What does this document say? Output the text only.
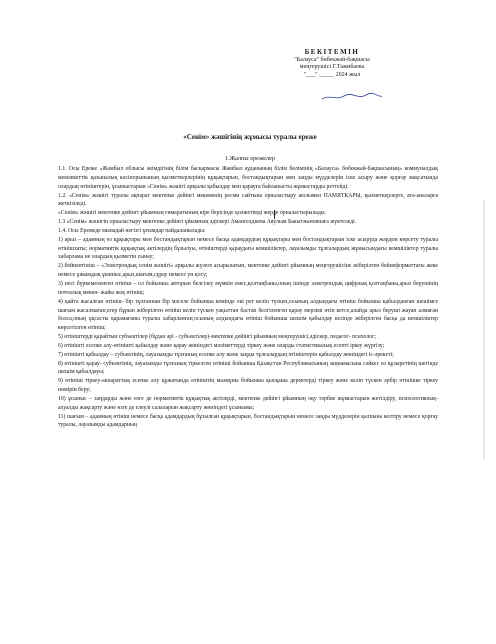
БЕКІТЕМІН
"Балауса" бөбекжай-бақшасы
меңгерушісі Г.Тажибаева
"___" _____ 2024 жыл
«Сенім» жәшігінің жұмысы туралы ереже
1.Жалпы ережелер
1.1. Осы Ереже «Жамбыл облысы әкімдігінің білім басқармасы Жамбыл ауданының білім бөлімінің «Балауса» бөбекжай-бақшасының» коммуналдық мемлекеттік қазыналық кәсіпорынының қызметкерлерінің құқықтарын, бостандықтарын мен заңды мүдделерін іске асыру және қорғау мақсатында олардың өтініштерін, ұсыныстарын «Сенім» жәшігі арқылы қабылдау мен қарауға байланысты жұмыстарды реттейді.
1.2. «Сенім» жәшігі туралы ақпарат мектепке дейінгі мекеменің ресми сайтына орналастыру жолымен ПАМЯТКАРЫ, қызметкерлерге, ата-аналарға жеткізіледі.
«Сенім» жәшігі мектепке дейінгі ұйымның ғимаратының кіре берісінде қолжетімді жерде орналастырылады.
1.3 «Сенім» жәшігін орналастыру мектепке дейінгі ұйымның әдіскері Амангелдиева Аяулым Бакытжановнаға жүктеледі.
1.4. Осы Ережеде мынадай негізгі ұғымдар пайдаланылады:
1) арыз – адамның өз құқықтары мен бостандықтарын немесе басқа адамдардың құқықтары мен бостандықтарын іске асыруда жәрдем көрсету туралы өтінішхаты; нормативтік құқықтық актілердің бұзылуы, өтініштерді қараудағы кемшіліктер, лауазымды тұлғалардың жұмысындағы кемшіліктер туралы хабарлама не олардың қызметін сынау;
2) бейнеөтініш – «Электрондық сенім жәшігі» арқылы жүзеге асырылатын, мектепке дейінгі ұйымның меңгерушісіне жіберілген бейнеформаттағы жеке немесе ұжымдық ұынныс,арыз,шағым,сұрау немесе ун қосу;
3) несі бүркемеленген өтініш – ол бойынша авторын белгілеу мүмкін емес,қолтаңбаны,оның ішінде электрондық цифрлық қолтаңбаны,арыз берушінің почталық мекен- жайы жоқ өтініш;
4) қайта жасалған өтініш- бір тұлғаннан бір мәселе бойынша кемінде екі рет келіп түскен,осының алдындағы өтініш бойынша қабылданған шешімге шағым жасалмаған,егер бұрын жіберілген өтініш келіп түскен уақыттан бастап белгіленген қарау мерзімі өтіп кетсе,алайда арыз беруші жауап алмаған болса,оның ұқсасты қарамағаны туралы хабарланған,осының алдындағы өтініш бойынша шешім қабылдау кезінде жіберілген басқа да кемшіліктер көрсетілген өтініш;
5) өтініштерді қарайтын субъектілер (бұдан әрі - субъектілер)-мектепке дейінгі ұйымның меңгерушісі,әдіскер, педагог- психолог;
6) өтінішті есепке алу-өтінішті қабылдау және қарау жөніндегі мәліметтерді тіркеу және оларды статистикалық есепті іркеу жүргізу;
7) өтінішті қабылдау – субъектінің, лауазымды тұлғаның есепке алу және заңды тұлғалардың өтініштерін қабылдау жөніндегі іс-әрекеті;
8) өтінішті қарау- субъектінің, лауазымды тұлғаның тіркелген өтініші бойынша Қазақстан Республикасының заңнамасына сәйкес өз құзыретінің шегінде шешім қабылдауы;
9) өтініші тіркеу-акпараттық есепке алу құжатында өтініштің мазмұны бойынша қысқаша деректерді тіркеу және келіп түскен әрбір өтінішке тіркеу нөмірін беру;
10) ұсыныс – заңдарды және өзге де нормативтік құқықтық актілерді, мектепке дейінгі ұйымның оқу тәрбие жұмыстарын жетілдіру, психологиялық-ахуалды жақсарту және өзге де елеулі салаларын жақсарту жөніндегі ұсынымы;
11) шағым – адамның өтініш немесе басқа адамдардың бұзылған құқықтарын, бостандықтарын немесе заңды мүдделерін қалпына келтіру немесе қорғау туралы, лауазымды адамдарның
